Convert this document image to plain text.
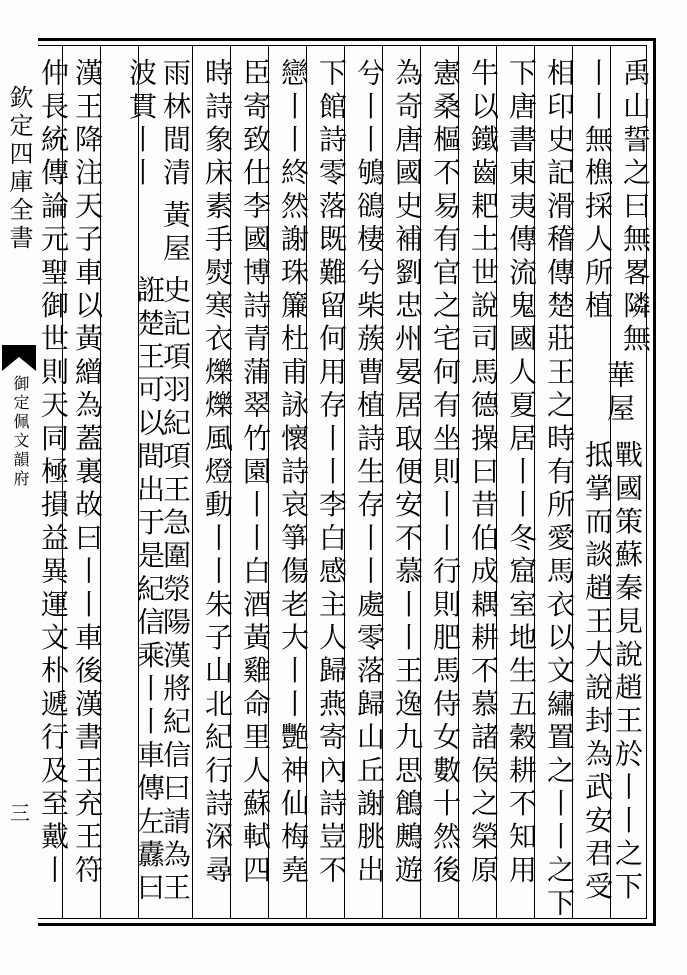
欽定四庫全書
御定佩文韻府
三
禹山誓之曰無畧隣無
丨丨無樵採人所植
華屋
戰國策蘇秦見說趙王於丨丨之下
抵掌而談趙王大說封為武安君受
相印史記滑稽傳楚莊王之時有所愛馬衣以文繡置之丨丨之下
下唐書東夷傳流鬼國人夏居丨丨冬窟室地生五穀耕不知用
牛以鐵齒耙土世說司馬德操曰昔伯成耦耕不慕諸侯之榮原
憲桑樞不易有官之宅何有坐則丨丨行則肥馬侍女數十然後
為奇唐國史補劉忠州晏居取便安不慕丨丨王逸九思鶬鶊遊
兮丨丨鴝鵒棲兮柴蔟曹植詩生存丨丨處零落歸山丘謝朓出
下館詩零落既難留何用存丨丨李白感主人歸燕寄內詩豈不
戀丨丨終然謝珠簾杜甫詠懷詩哀箏傷老大丨丨艷神仙梅堯
臣寄致仕李國博詩青蒲翠竹園丨丨白酒黃雞命里人蘇軾四
時詩象床素手熨寒衣爍爍風燈動丨丨朱子山北紀行詩深尋
雨林間清
波貫丨丨
黃屋
史記項羽紀項王急圍滎陽漢將紀信曰請為王
誑楚王可以間出于是紀信乘丨丨車傳左纛曰
漢王降注天子車以黃繒為蓋裏故曰丨丨車後漢書王充王符
仲長統傳論元聖御世則天同極損益異運文朴遞行及至戴丨
